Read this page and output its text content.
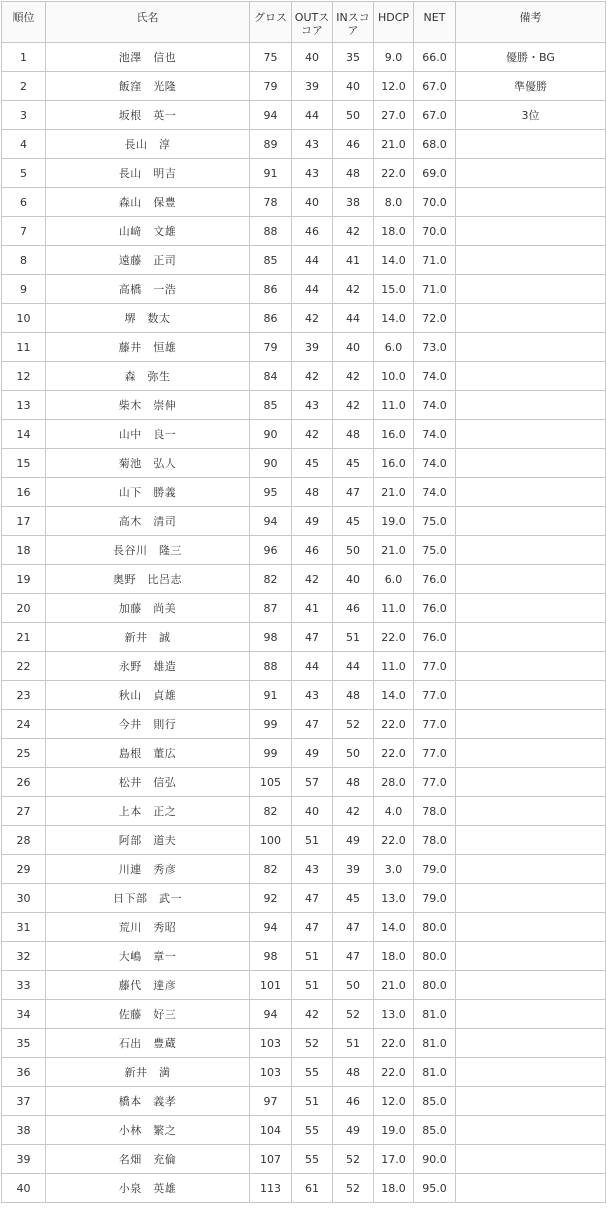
順位	氏名	グロス	OUTスコア	INスコア	HDCP	NET	備考
1	池澤　信也	75	40	35	9.0	66.0	優勝・BG
2	飯窪　光隆	79	39	40	12.0	67.0	準優勝
3	坂根　英一	94	44	50	27.0	67.0	3位
4	長山　淳	89	43	46	21.0	68.0	
5	長山　明吉	91	43	48	22.0	69.0	
6	森山　保豊	78	40	38	8.0	70.0	
7	山﨑　文雄	88	46	42	18.0	70.0	
8	遠藤　正司	85	44	41	14.0	71.0	
9	高橋　一浩	86	44	42	15.0	71.0	
10	堺　数太	86	42	44	14.0	72.0	
11	藤井　恒雄	79	39	40	6.0	73.0	
12	森　弥生	84	42	42	10.0	74.0	
13	柴木　崇伸	85	43	42	11.0	74.0	
14	山中　良一	90	42	48	16.0	74.0	
15	菊池　弘人	90	45	45	16.0	74.0	
16	山下　勝義	95	48	47	21.0	74.0	
17	高木　清司	94	49	45	19.0	75.0	
18	長谷川　隆三	96	46	50	21.0	75.0	
19	奥野　比呂志	82	42	40	6.0	76.0	
20	加藤　尚美	87	41	46	11.0	76.0	
21	新井　誠	98	47	51	22.0	76.0	
22	永野　雄造	88	44	44	11.0	77.0	
23	秋山　貞雄	91	43	48	14.0	77.0	
24	今井　則行	99	47	52	22.0	77.0	
25	島根　董広	99	49	50	22.0	77.0	
26	松井　信弘	105	57	48	28.0	77.0	
27	上本　正之	82	40	42	4.0	78.0	
28	阿部　道夫	100	51	49	22.0	78.0	
29	川連　秀彦	82	43	39	3.0	79.0	
30	日下部　武一	92	47	45	13.0	79.0	
31	荒川　秀昭	94	47	47	14.0	80.0	
32	大嶋　章一	98	51	47	18.0	80.0	
33	藤代　達彦	101	51	50	21.0	80.0	
34	佐藤　好三	94	42	52	13.0	81.0	
35	石出　豊蔵	103	52	51	22.0	81.0	
36	新井　満	103	55	48	22.0	81.0	
37	橋本　義孝	97	51	46	12.0	85.0	
38	小林　繁之	104	55	49	19.0	85.0	
39	名畑　充倫	107	55	52	17.0	90.0	
40	小泉　英雄	113	61	52	18.0	95.0	
